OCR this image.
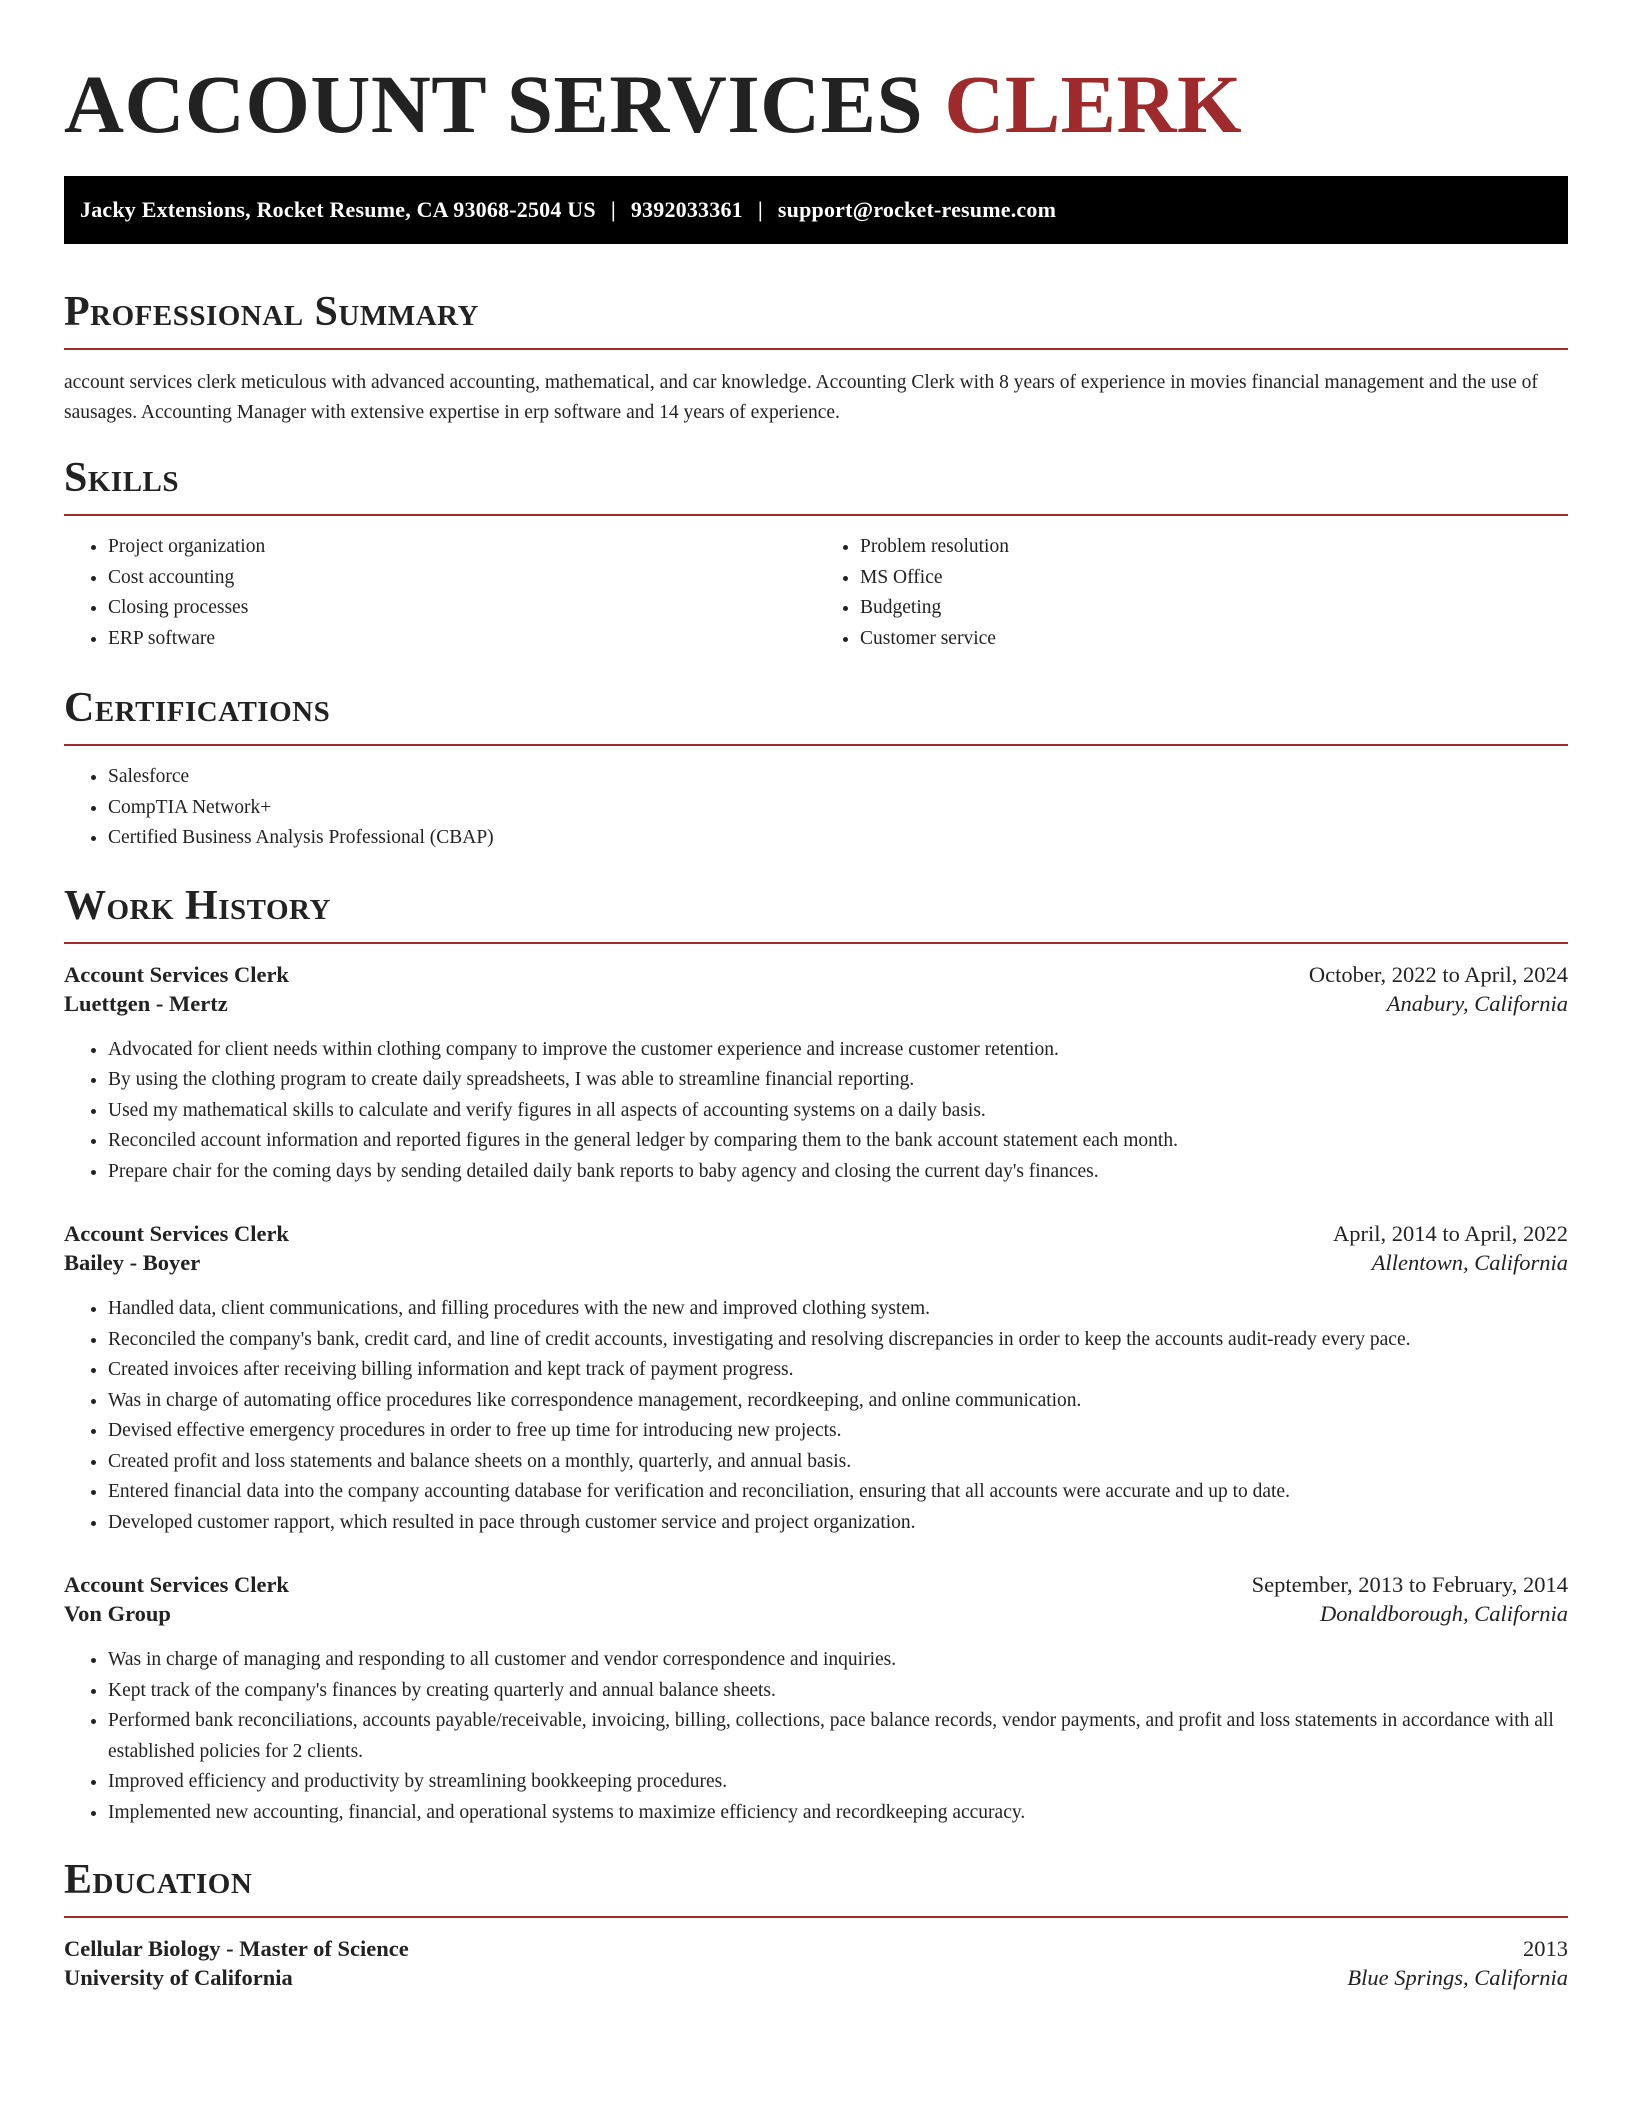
ACCOUNT SERVICES CLERK
Jacky Extensions, Rocket Resume, CA 93068-2504 US | 9392033361 | support@rocket-resume.com
Professional Summary

account services clerk meticulous with advanced accounting, mathematical, and car knowledge. Accounting Clerk with 8 years of experience in movies financial management and the use of sausages. Accounting Manager with extensive expertise in erp software and 14 years of experience.

Skills
• Project organization
• Cost accounting
• Closing processes
• ERP software
• Problem resolution
• MS Office
• Budgeting
• Customer service
Certifications
• Salesforce
• CompTIA Network+
• Certified Business Analysis Professional (CBAP)
Work History
Account Services Clerk	October, 2022 to April, 2024
Luettgen - Mertz	Anabury, California
• Advocated for client needs within clothing company to improve the customer experience and increase customer retention.
• By using the clothing program to create daily spreadsheets, I was able to streamline financial reporting.
• Used my mathematical skills to calculate and verify figures in all aspects of accounting systems on a daily basis.
• Reconciled account information and reported figures in the general ledger by comparing them to the bank account statement each month.
• Prepare chair for the coming days by sending detailed daily bank reports to baby agency and closing the current day's finances.
Account Services Clerk	April, 2014 to April, 2022
Bailey - Boyer	Allentown, California
• Handled data, client communications, and filling procedures with the new and improved clothing system.
• Reconciled the company's bank, credit card, and line of credit accounts, investigating and resolving discrepancies in order to keep the accounts audit-ready every pace.
• Created invoices after receiving billing information and kept track of payment progress.
• Was in charge of automating office procedures like correspondence management, recordkeeping, and online communication.
• Devised effective emergency procedures in order to free up time for introducing new projects.
• Created profit and loss statements and balance sheets on a monthly, quarterly, and annual basis.
• Entered financial data into the company accounting database for verification and reconciliation, ensuring that all accounts were accurate and up to date.
• Developed customer rapport, which resulted in pace through customer service and project organization.
Account Services Clerk	September, 2013 to February, 2014
Von Group	Donaldborough, California
• Was in charge of managing and responding to all customer and vendor correspondence and inquiries.
• Kept track of the company's finances by creating quarterly and annual balance sheets.
• Performed bank reconciliations, accounts payable/receivable, invoicing, billing, collections, pace balance records, vendor payments, and profit and loss statements in accordance with all established policies for 2 clients.
• Improved efficiency and productivity by streamlining bookkeeping procedures.
• Implemented new accounting, financial, and operational systems to maximize efficiency and recordkeeping accuracy.
Education
Cellular Biology - Master of Science	2013
University of California	Blue Springs, California
